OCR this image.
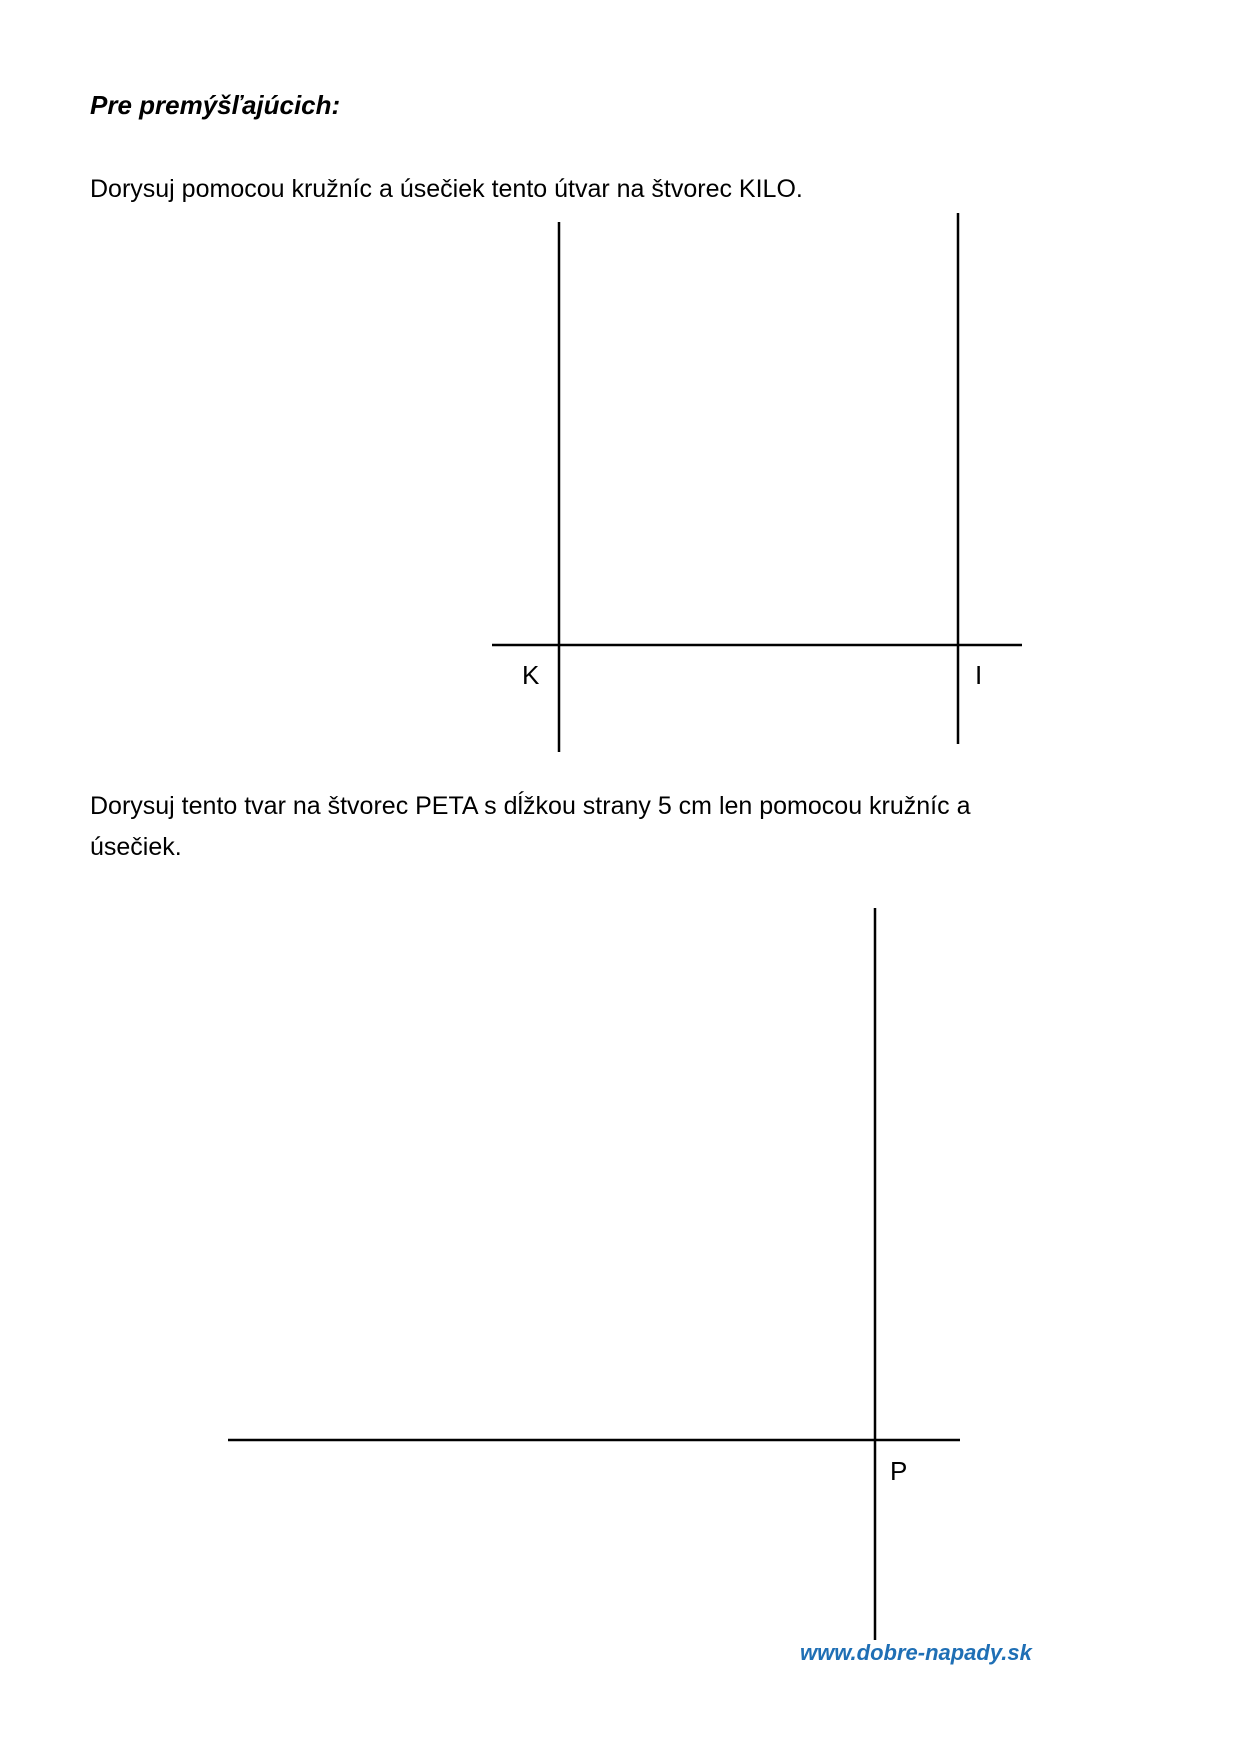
Pre premýšľajúcich:

Dorysuj pomocou kružníc a úsečiek tento útvar na štvorec KILO.

Dorysuj tento tvar na štvorec PETA s dĺžkou strany 5 cm len pomocou kružníc a úsečiek.

K	I
P
www.dobre-napady.sk
